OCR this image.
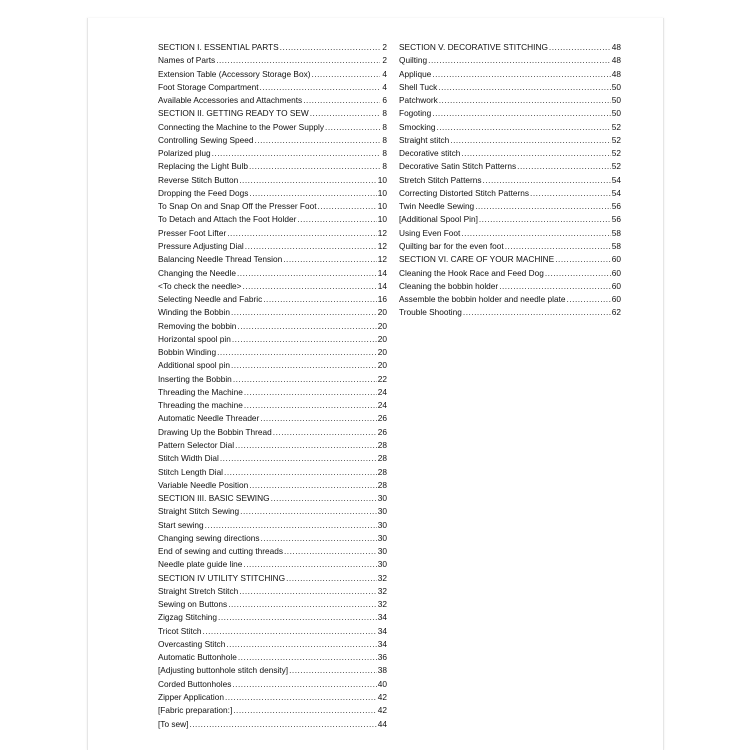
SECTION I. ESSENTIAL PARTS .....	2
Names of Parts .....	2
Extension Table (Accessory Storage Box) .....	4
Foot Storage Compartment .....	4
Available Accessories and Attachments .....	6
SECTION II. GETTING READY TO SEW .....	8
Connecting the Machine to the Power Supply .....	8
Controlling Sewing Speed .....	8
Polarized plug .....	8
Replacing the Light Bulb .....	8
Reverse Stitch Button .....	10
Dropping the Feed Dogs .....	10
To Snap On and Snap Off the Presser Foot .....	10
To Detach and Attach the Foot Holder .....	10
Presser Foot Lifter .....	12
Pressure Adjusting Dial .....	12
Balancing Needle Thread Tension .....	12
Changing the Needle .....	14
<To check the needle> .....	14
Selecting Needle and Fabric .....	16
Winding the Bobbin .....	20
Removing the bobbin .....	20
Horizontal spool pin .....	20
Bobbin Winding .....	20
Additional spool pin .....	20
Inserting the Bobbin .....	22
Threading the Machine .....	24
Threading the machine .....	24
Automatic Needle Threader .....	26
Drawing Up the Bobbin Thread .....	26
Pattern Selector Dial .....	28
Stitch Width Dial .....	28
Stitch Length Dial .....	28
Variable Needle Position .....	28
SECTION III. BASIC SEWING .....	30
Straight Stitch Sewing .....	30
Start sewing .....	30
Changing sewing directions .....	30
End of sewing and cutting threads .....	30
Needle plate guide line .....	30
SECTION IV UTILITY STITCHING .....	32
Straight Stretch Stitch .....	32
Sewing on Buttons .....	32
Zigzag Stitching .....	34
Tricot Stitch .....	34
Overcasting Stitch .....	34
Automatic Buttonhole .....	36
[Adjusting buttonhole stitch density] .....	38
Corded Buttonholes .....	40
Zipper Application .....	42
[Fabric preparation:] .....	42
[To sew] .....	44
SECTION V. DECORATIVE STITCHING .....	48
Quilting .....	48
Applique .....	48
Shell Tuck .....	50
Patchwork .....	50
Fogoting .....	50
Smocking .....	52
Straight stitch .....	52
Decorative stitch .....	52
Decorative Satin Stitch Patterns .....	52
Stretch Stitch Patterns .....	54
Correcting Distorted Stitch Patterns .....	54
Twin Needle Sewing .....	56
[Additional Spool Pin] .....	56
Using Even Foot .....	58
Quilting bar for the even foot .....	58
SECTION VI. CARE OF YOUR MACHINE .....	60
Cleaning the Hook Race and Feed Dog .....	60
Cleaning the bobbin holder .....	60
Assemble the bobbin holder and needle plate .....	60
Trouble Shooting .....	62
